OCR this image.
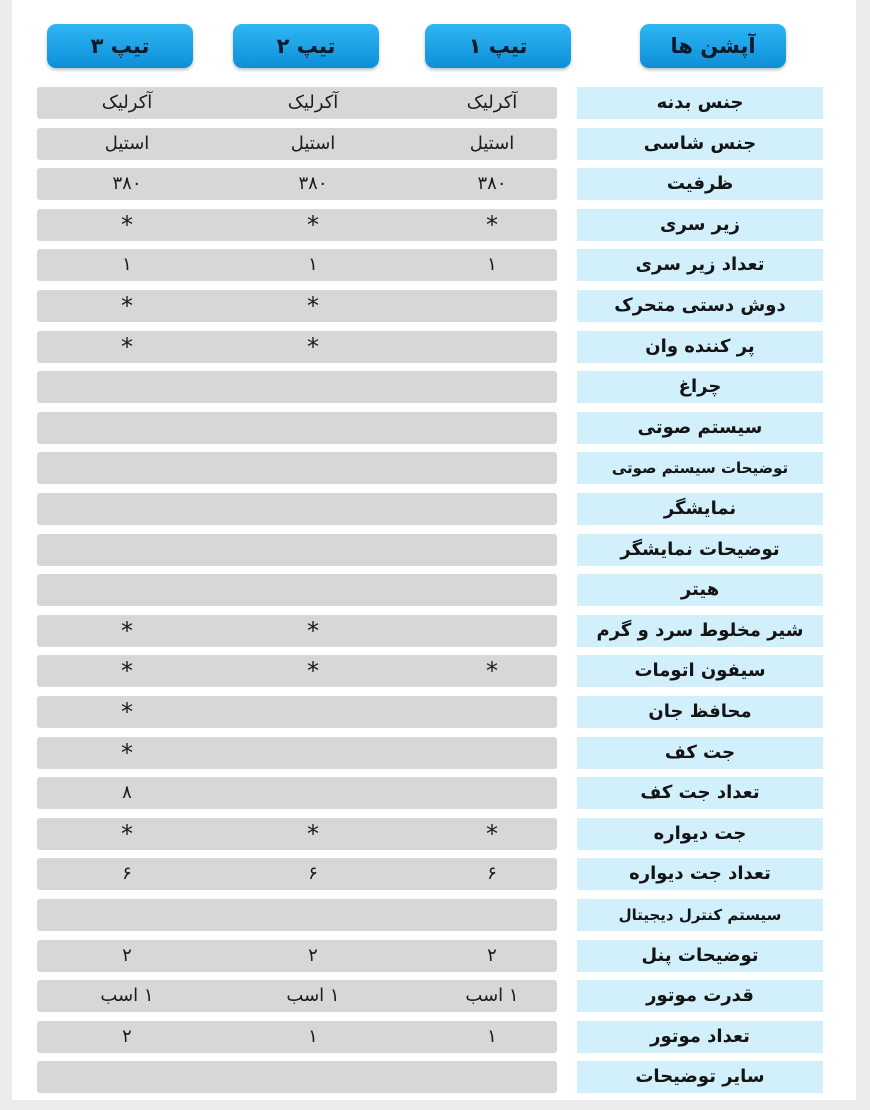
آپشن ها
تیپ ۱
تیپ ۲
تیپ ۳
جنس بدنه
آکرلیک
آکرلیک
آکرلیک
جنس شاسی
استیل
استیل
استیل
ظرفیت
۳۸۰
۳۸۰
۳۸۰
زیر سری
*
*
*
تعداد زیر سری
۱
۱
۱
دوش دستی متحرک
*
*
پر کننده وان
*
*
چراغ
سیستم صوتی
توضیحات سیستم صوتی
نمایشگر
توضیحات نمایشگر
هیتر
شیر مخلوط سرد و گرم
*
*
سیفون اتومات
*
*
*
محافظ جان
*
جت کف
*
تعداد جت کف
۸
جت دیواره
*
*
*
تعداد جت دیواره
۶
۶
۶
سیستم کنترل دیجیتال
توضیحات پنل
۲
۲
۲
قدرت موتور
۱ اسب
۱ اسب
۱ اسب
تعداد موتور
۱
۱
۲
سایر توضیحات
